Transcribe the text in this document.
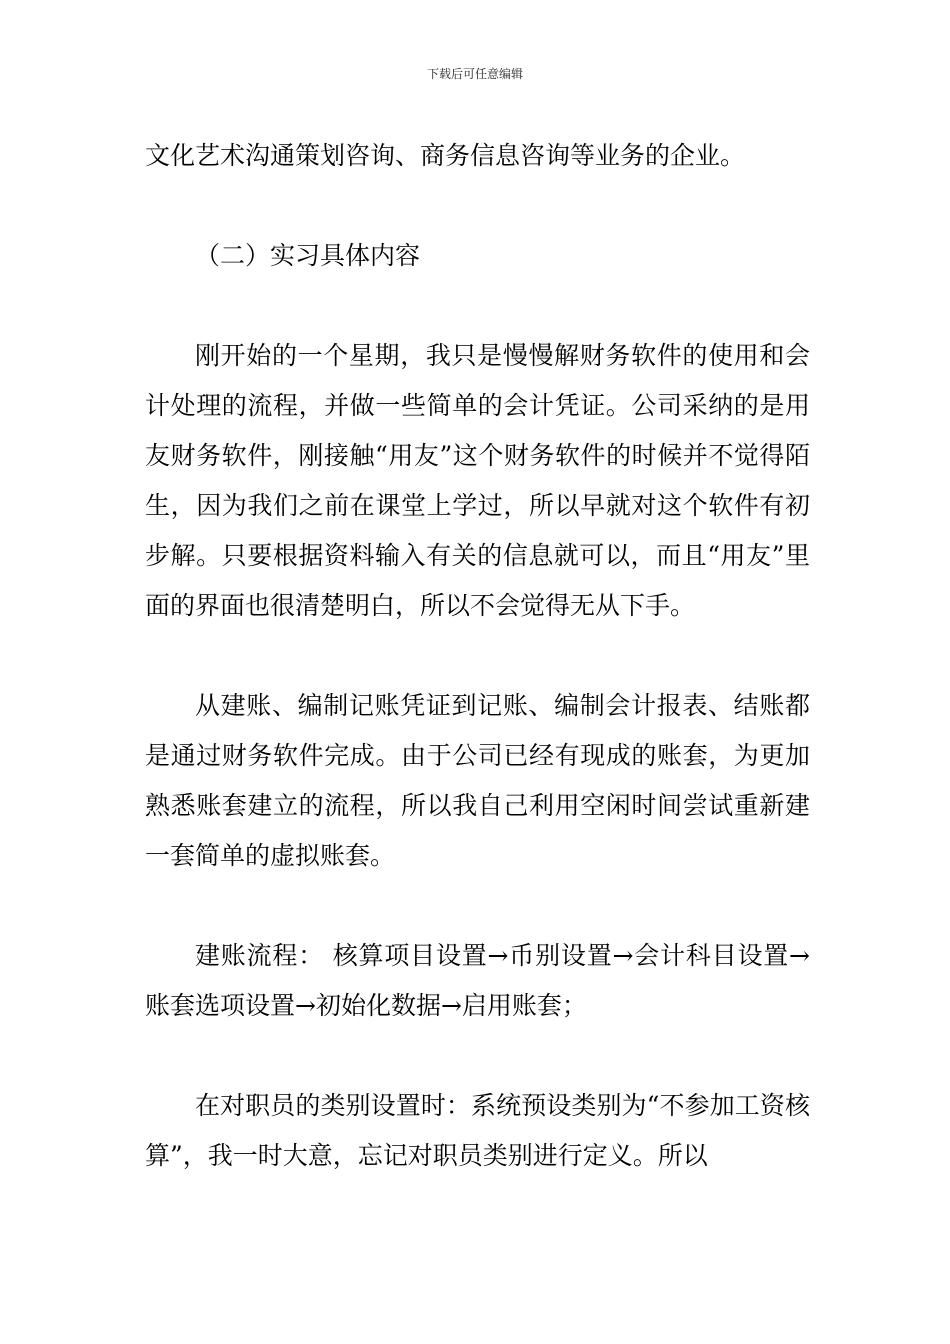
下载后可任意编辑

文化艺术沟通策划咨询、商务信息咨询等业务的企业。

（二）实习具体内容

刚开始的一个星期，我只是慢慢解财务软件的使用和会计处理的流程，并做一些简单的会计凭证。公司采纳的是用友财务软件，刚接触“用友”这个财务软件的时候并不觉得陌生，因为我们之前在课堂上学过，所以早就对这个软件有初步解。只要根据资料输入有关的信息就可以，而且“用友”里面的界面也很清楚明白，所以不会觉得无从下手。

从建账、编制记账凭证到记账、编制会计报表、结账都是通过财务软件完成。由于公司已经有现成的账套，为更加熟悉账套建立的流程，所以我自己利用空闲时间尝试重新建一套简单的虚拟账套。

建账流程： 核算项目设置→币别设置→会计科目设置→账套选项设置→初始化数据→启用账套；

在对职员的类别设置时：系统预设类别为“不参加工资核算”，我一时大意，忘记对职员类别进行定义。所以
